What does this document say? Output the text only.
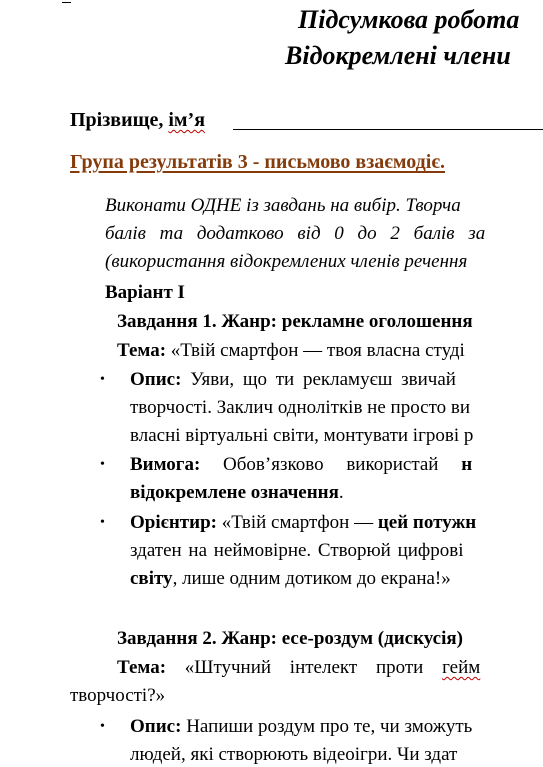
Підсумкова робота
Відокремлені члени
Прізвище, ім’я
Група результатів 3 - письмово взаємодіє.
Виконати ОДНЕ із завдань на вибір. Творча
балів та додатково від 0 до 2 балів за
(використання відокремлених членів речення
Варіант І
Завдання 1. Жанр: рекламне оголошення
Тема: «Твій смартфон — твоя власна студі
• Опис: Уяви, що ти рекламуєш звичай
творчості. Заклич однолітків не просто ви
власні віртуальні світи, монтувати ігрові р
• Вимога: Обов’язково використай н
відокремлене означення.
• Орієнтир: «Твій смартфон — цей потужн
здатен на неймовірне. Створюй цифрові
світу, лише одним дотиком до екрана!»
Завдання 2. Жанр: есе-роздум (дискусія)
Тема: «Штучний інтелект проти гейм
творчості?»
• Опис: Напиши роздум про те, чи зможуть
людей, які створюють відеоігри. Чи здат
